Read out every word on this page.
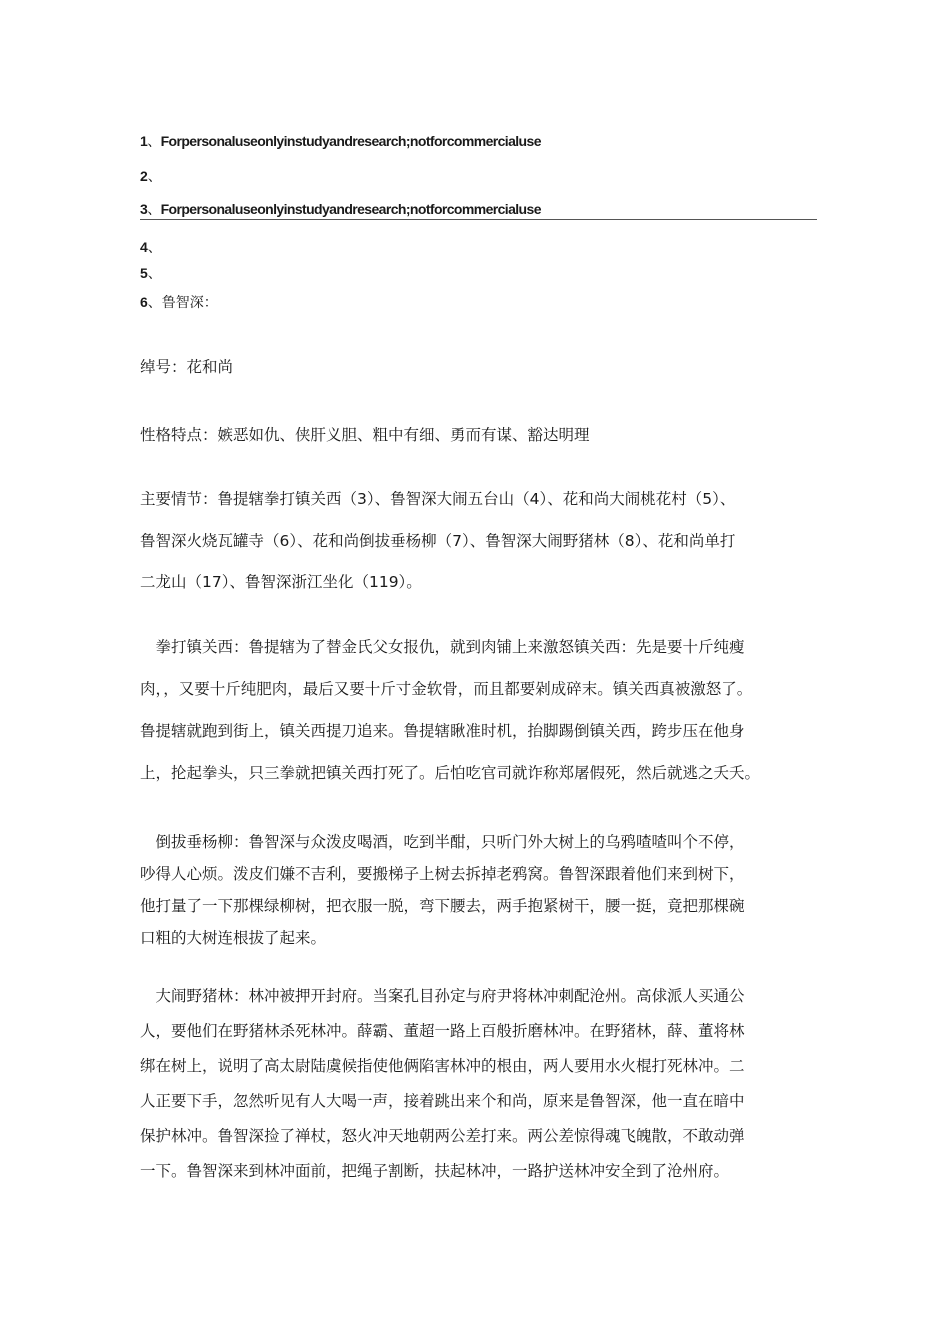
1、Forpersonaluseonlyinstudyandresearch;notforcommercialuse
2、
3、Forpersonaluseonlyinstudyandresearch;notforcommercialuse
4、
5、
6、鲁智深：
绰号：花和尚
性格特点：嫉恶如仇、侠肝义胆、粗中有细、勇而有谋、豁达明理
主要情节：鲁提辖拳打镇关西（3）、鲁智深大闹五台山（4）、花和尚大闹桃花村（5）、
鲁智深火烧瓦罐寺（6）、花和尚倒拔垂杨柳（7）、鲁智深大闹野猪林（8）、花和尚单打
二龙山（17）、鲁智深浙江坐化（119）。
　拳打镇关西：鲁提辖为了替金氏父女报仇，就到肉铺上来激怒镇关西：先是要十斤纯瘦
肉，，又要十斤纯肥肉，最后又要十斤寸金软骨，而且都要剁成碎末。镇关西真被激怒了。
鲁提辖就跑到街上，镇关西提刀追来。鲁提辖瞅准时机，抬脚踢倒镇关西，跨步压在他身
上，抡起拳头，只三拳就把镇关西打死了。后怕吃官司就诈称郑屠假死，然后就逃之夭夭。
　倒拔垂杨柳：鲁智深与众泼皮喝酒，吃到半酣，只听门外大树上的乌鸦喳喳叫个不停，
吵得人心烦。泼皮们嫌不吉利，要搬梯子上树去拆掉老鸦窝。鲁智深跟着他们来到树下，
他打量了一下那棵绿柳树，把衣服一脱，弯下腰去，两手抱紧树干，腰一挺，竟把那棵碗
口粗的大树连根拔了起来。
　大闹野猪林：林冲被押开封府。当案孔目孙定与府尹将林冲刺配沧州。高俅派人买通公
人，要他们在野猪林杀死林冲。薛霸、董超一路上百般折磨林冲。在野猪林，薛、董将林
绑在树上，说明了高太尉陆虞候指使他俩陷害林冲的根由，两人要用水火棍打死林冲。二
人正要下手，忽然听见有人大喝一声，接着跳出来个和尚，原来是鲁智深，他一直在暗中
保护林冲。鲁智深捡了禅杖，怒火冲天地朝两公差打来。两公差惊得魂飞魄散，不敢动弹
一下。鲁智深来到林冲面前，把绳子割断，扶起林冲，一路护送林冲安全到了沧州府。
